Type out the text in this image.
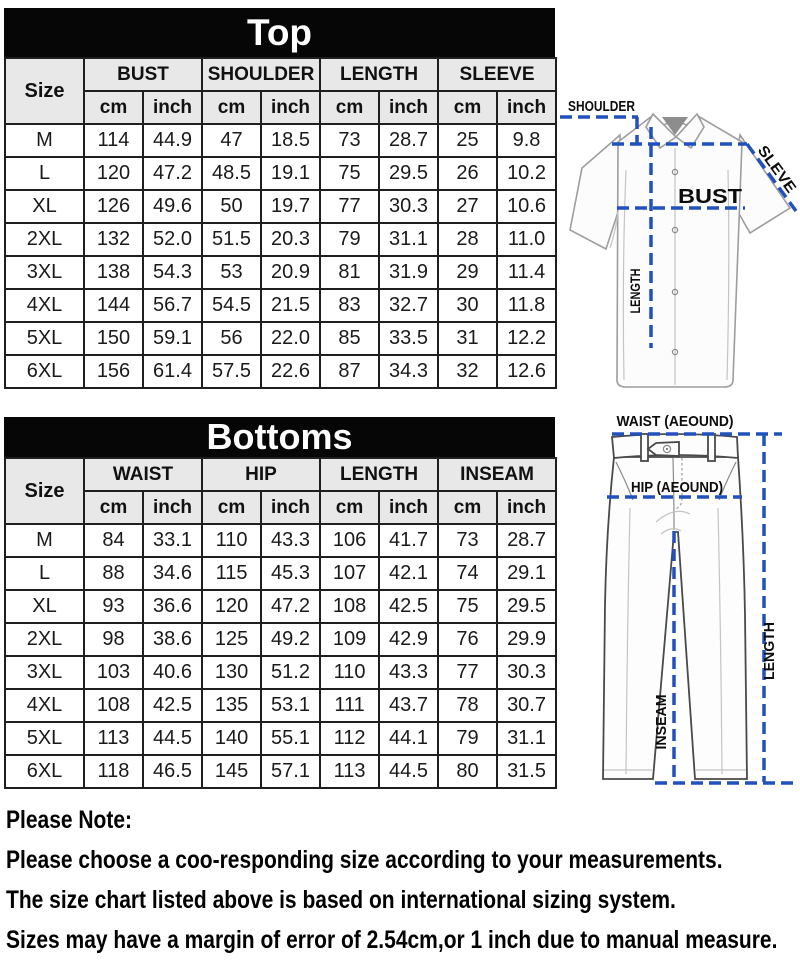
Top
Size	BUST		SHOULDER		LENGTH		SLEEVE	
	cm	inch	cm	inch	cm	inch	cm	inch
M	114	44.9	47	18.5	73	28.7	25	9.8
L	120	47.2	48.5	19.1	75	29.5	26	10.2
XL	126	49.6	50	19.7	77	30.3	27	10.6
2XL	132	52.0	51.5	20.3	79	31.1	28	11.0
3XL	138	54.3	53	20.9	81	31.9	29	11.4
4XL	144	56.7	54.5	21.5	83	32.7	30	11.8
5XL	150	59.1	56	22.0	85	33.5	31	12.2
6XL	156	61.4	57.5	22.6	87	34.3	32	12.6
Bottoms
Size	WAIST		HIP		LENGTH		INSEAM	
	cm	inch	cm	inch	cm	inch	cm	inch
M	84	33.1	110	43.3	106	41.7	73	28.7
L	88	34.6	115	45.3	107	42.1	74	29.1
XL	93	36.6	120	47.2	108	42.5	75	29.5
2XL	98	38.6	125	49.2	109	42.9	76	29.9
3XL	103	40.6	130	51.2	110	43.3	77	30.3
4XL	108	42.5	135	53.1	111	43.7	78	30.7
5XL	113	44.5	140	55.1	112	44.1	79	31.1
6XL	118	46.5	145	57.1	113	44.5	80	31.5
SHOULDER
BUST
SLEVE
LENGTH
WAIST (AEOUND)
HIP (AEOUND)
INSEAM
LENGTH
Please Note:
Please choose a coo-responding size according to your measurements.
The size chart listed above is based on international sizing system.
Sizes may have a margin of error of 2.54cm,or 1 inch due to manual measure.
